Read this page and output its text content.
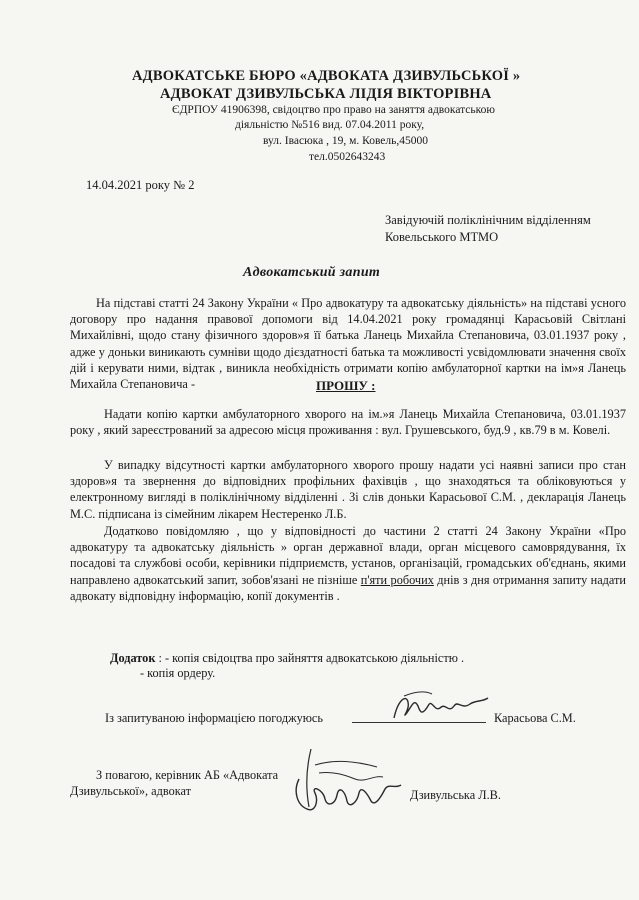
АДВОКАТСЬКЕ БЮРО «АДВОКАТА ДЗИВУЛЬСЬКОЇ »
АДВОКАТ ДЗИВУЛЬСЬКА ЛІДІЯ ВІКТОРІВНА
ЄДРПОУ 41906398, свідоцтво про право на заняття адвокатською
діяльністю №516 вид. 07.04.2011 року,
вул. Івасюка , 19, м. Ковель,45000
тел.0502643243
14.04.2021 року № 2
Завідуючій поліклінічним відділенням
Ковельського МТМО
Адвокатський запит
На підставі статті 24 Закону України « Про адвокатуру та адвокатську діяльність» на підставі усного договору про надання правової допомоги від 14.04.2021 року громадянці Карасьовій Світлані Михайлівні, щодо стану фізичного здоров»я її батька Ланець Михайла Степановича, 03.01.1937 року , адже у доньки виникають сумніви щодо дієздатності батька та можливості усвідомлювати значення своїх дій і керувати ними, відтак , виникла необхідність отримати копію амбулаторної картки на ім»я Ланець Михайла Степановича -	ПРОШУ :
Надати копію картки амбулаторного хворого на ім.»я Ланець Михайла Степановича, 03.01.1937 року , який зареєстрований за адресою місця проживання : вул. Грушевського, буд.9 , кв.79 в м. Ковелі.
У випадку відсутності картки амбулаторного хворого прошу надати усі наявні записи про стан здоров»я та звернення до відповідних профільних фахівців , що знаходяться та обліковуються у електронному вигляді в поліклінічному відділенні . Зі слів доньки Карасьової С.М. , декларація Ланець М.С. підписана із сімейним лікарем Нестеренко Л.Б.
Додатково повідомляю , що у відповідності до частини 2 статті 24 Закону України «Про адвокатуру та адвокатську діяльність » орган державної влади, орган місцевого самоврядування, їх посадові та службові особи, керівники підприємств, установ, організацій, громадських об'єднань, якими направлено адвокатський запит, зобов'язані не пізніше п'яти робочих днів з дня отримання запиту надати адвокату відповідну інформацію, копії документів .
Додаток : - копія свідоцтва про зайняття адвокатською діяльністю .
- копія ордеру.
Із запитуваною інформацією погоджуюсь	Карасьова С.М.
З повагою, керівник АБ «Адвоката
Дзивульської», адвокат	Дзивульська Л.В.
